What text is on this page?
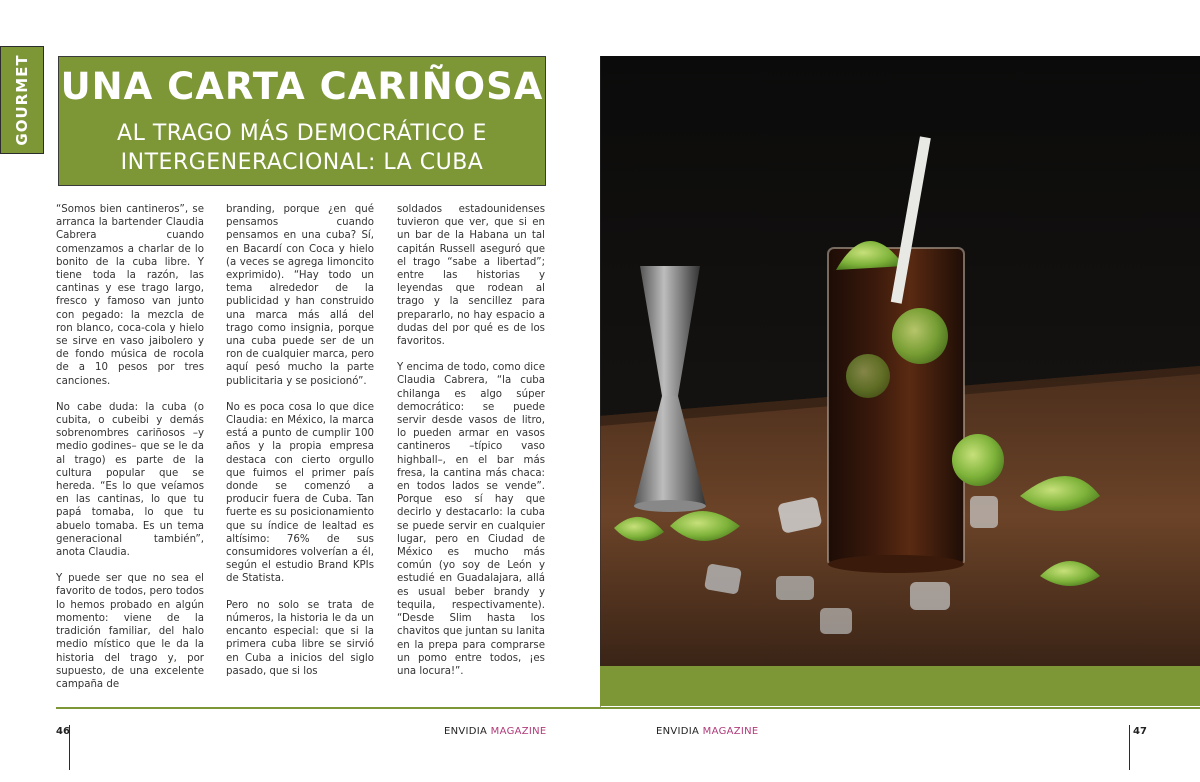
GOURMET UNA CARTA CARIÑOSA
AL TRAGO MÁS DEMOCRÁTICO E
INTERGENERACIONAL: LA CUBA

“Somos bien cantineros”, se arranca la bartender Claudia Cabrera cuando comenzamos a charlar de lo bonito de la cuba libre. Y tiene toda la razón, las cantinas y ese trago largo, fresco y famoso van junto con pegado: la mezcla de ron blanco, coca-cola y hielo se sirve en vaso jaibolero y de fondo música de rocola de a 10 pesos por tres canciones.

No cabe duda: la cuba (o cubita, o cubeibi y demás sobrenombres cariñosos –y medio godines– que se le da al trago) es parte de la cultura popular que se hereda. “Es lo que veíamos en las cantinas, lo que tu papá tomaba, lo que tu abuelo tomaba. Es un tema generacional también”, anota Claudia.

Y puede ser que no sea el favorito de todos, pero todos lo hemos probado en algún momento: viene de la tradición familiar, del halo medio místico que le da la historia del trago y, por supuesto, de una excelente campaña de

branding, porque ¿en qué pensamos cuando pensamos en una cuba? Sí, en Bacardí con Coca y hielo (a veces se agrega limoncito exprimido). “Hay todo un tema alrededor de la publicidad y han construido una marca más allá del trago como insignia, porque una cuba puede ser de un ron de cualquier marca, pero aquí pesó mucho la parte publicitaria y se posicionó”.

No es poca cosa lo que dice Claudia: en México, la marca está a punto de cumplir 100 años y la propia empresa destaca con cierto orgullo que fuimos el primer país donde se comenzó a producir fuera de Cuba. Tan fuerte es su posicionamiento que su índice de lealtad es altísimo: 76% de sus consumidores volverían a él, según el estudio Brand KPIs de Statista.

Pero no solo se trata de números, la historia le da un encanto especial: que si la primera cuba libre se sirvió en Cuba a inicios del siglo pasado, que si los

soldados estadounidenses tuvieron que ver, que si en un bar de la Habana un tal capitán Russell aseguró que el trago “sabe a libertad”; entre las historias y leyendas que rodean al trago y la sencillez para prepararlo, no hay espacio a dudas del por qué es de los favoritos.

Y encima de todo, como dice Claudia Cabrera, “la cuba chilanga es algo súper democrático: se puede servir desde vasos de litro, lo pueden armar en vasos cantineros –típico vaso highball–, en el bar más fresa, la cantina más chaca: en todos lados se vende”. Porque eso sí hay que decirlo y destacarlo: la cuba se puede servir en cualquier lugar, pero en Ciudad de México es mucho más común (yo soy de León y estudié en Guadalajara, allá es usual beber brandy y tequila, respectivamente). “Desde Slim hasta los chavitos que juntan su lanita en la prepa para comprarse un pomo entre todos, ¡es una locura!”.

46	47
ENVIDIA MAGAZINE	ENVIDIA MAGAZINE
